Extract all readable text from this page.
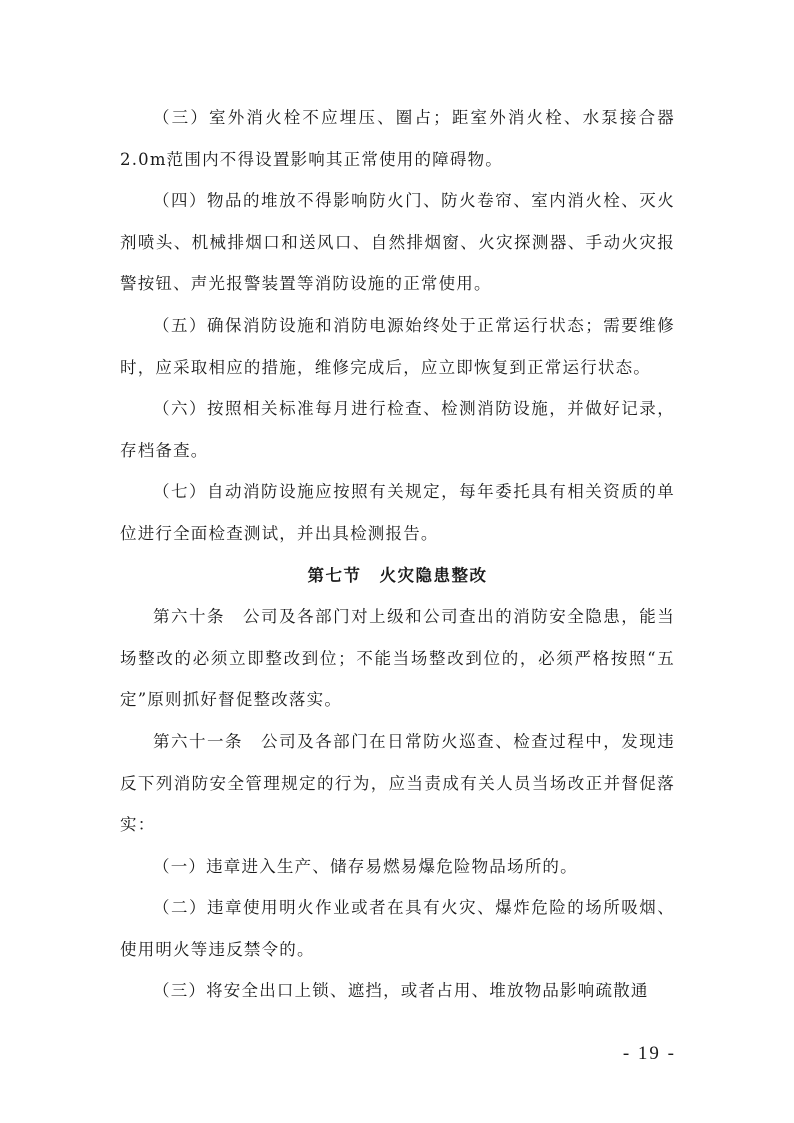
（三）室外消火栓不应埋压、圈占；距室外消火栓、水泵接合器2.0m范围内不得设置影响其正常使用的障碍物。

（四）物品的堆放不得影响防火门、防火卷帘、室内消火栓、灭火剂喷头、机械排烟口和送风口、自然排烟窗、火灾探测器、手动火灾报警按钮、声光报警装置等消防设施的正常使用。

（五）确保消防设施和消防电源始终处于正常运行状态；需要维修时，应采取相应的措施，维修完成后，应立即恢复到正常运行状态。

（六）按照相关标准每月进行检查、检测消防设施，并做好记录，存档备查。

（七）自动消防设施应按照有关规定，每年委托具有相关资质的单位进行全面检查测试，并出具检测报告。

第七节　火灾隐患整改

第六十条　公司及各部门对上级和公司查出的消防安全隐患，能当场整改的必须立即整改到位；不能当场整改到位的，必须严格按照“五定”原则抓好督促整改落实。

第六十一条　公司及各部门在日常防火巡查、检查过程中，发现违反下列消防安全管理规定的行为，应当责成有关人员当场改正并督促落实：

（一）违章进入生产、储存易燃易爆危险物品场所的。

（二）违章使用明火作业或者在具有火灾、爆炸危险的场所吸烟、使用明火等违反禁令的。

（三）将安全出口上锁、遮挡，或者占用、堆放物品影响疏散通

- 19 -
